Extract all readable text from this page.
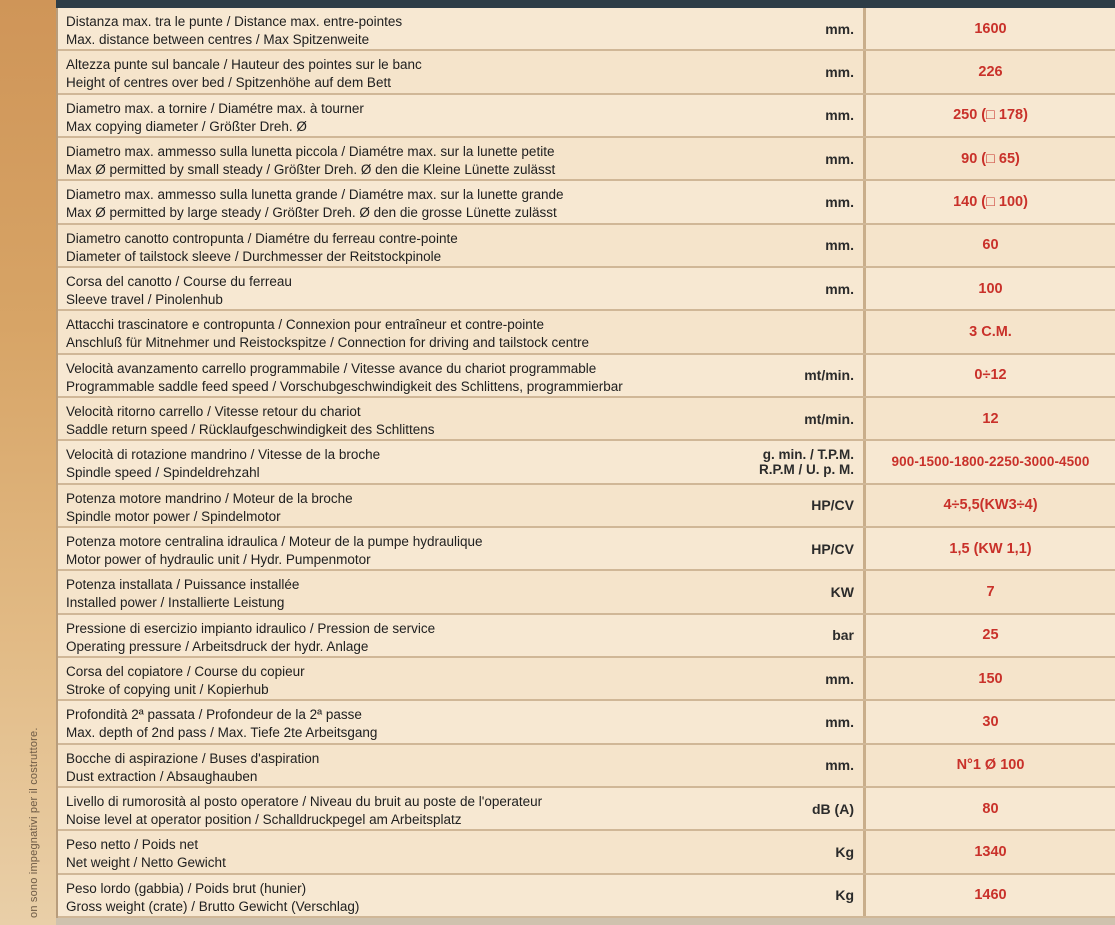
on sono impegnativi per il costruttore.
Distanza max. tra le punte / Distance max. entre-pointes
Max. distance between centres / Max Spitzenweite
mm.	1600
Altezza punte sul bancale / Hauteur des pointes sur le banc
Height of centres over bed / Spitzenhöhe auf dem Bett
mm.	226
Diametro max. a tornire / Diamétre max. à tourner
Max copying diameter / Größter Dreh. Ø
mm.	250 (□ 178)
Diametro max. ammesso sulla lunetta piccola / Diamétre max. sur la lunette petite
Max Ø permitted by small steady / Größter Dreh. Ø den die Kleine Lünette zulässt
mm.	90 (□ 65)
Diametro max. ammesso sulla lunetta grande / Diamétre max. sur la lunette grande
Max Ø permitted by large steady / Größter Dreh. Ø den die grosse Lünette zulässt
mm.	140 (□ 100)
Diametro canotto contropunta / Diamétre du ferreau contre-pointe
Diameter of tailstock sleeve / Durchmesser der Reitstockpinole
mm.	60
Corsa del canotto / Course du ferreau
Sleeve travel / Pinolenhub
mm.	100
Attacchi trascinatore e contropunta / Connexion pour entraîneur et contre-pointe
Anschluß für Mitnehmer und Reistockspitze / Connection for driving and tailstock centre
3 C.M.
Velocità avanzamento carrello programmabile / Vitesse avance du chariot programmable
Programmable saddle feed speed / Vorschubgeschwindigkeit des Schlittens, programmierbar
mt/min.	0÷12
Velocità ritorno carrello / Vitesse retour du chariot
Saddle return speed / Rücklaufgeschwindigkeit des Schlittens
mt/min.	12
Velocità di rotazione mandrino / Vitesse de la broche
Spindle speed / Spindeldrehzahl
g. min. / T.P.M.
R.P.M / U. p. M.	900-1500-1800-2250-3000-4500
Potenza motore mandrino / Moteur de la broche
Spindle motor power / Spindelmotor
HP/CV	4÷5,5(KW3÷4)
Potenza motore centralina idraulica / Moteur de la pumpe hydraulique
Motor power of hydraulic unit / Hydr. Pumpenmotor
HP/CV	1,5 (KW 1,1)
Potenza installata / Puissance installée
Installed power / Installierte Leistung
KW	7
Pressione di esercizio impianto idraulico / Pression de service
Operating pressure / Arbeitsdruck der hydr. Anlage
bar	25
Corsa del copiatore / Course du copieur
Stroke of copying unit / Kopierhub
mm.	150
Profondità 2ª passata / Profondeur de la 2ª passe
Max. depth of 2nd pass / Max. Tiefe 2te Arbeitsgang
mm.	30
Bocche di aspirazione / Buses d'aspiration
Dust extraction / Absaughauben
mm.	N°1 Ø 100
Livello di rumorosità al posto operatore / Niveau du bruit au poste de l'operateur
Noise level at operator position / Schalldruckpegel am Arbeitsplatz
dB (A)	80
Peso netto / Poids net
Net weight / Netto Gewicht
Kg	1340
Peso lordo (gabbia) / Poids brut (hunier)
Gross weight (crate) / Brutto Gewicht (Verschlag)
Kg	1460
